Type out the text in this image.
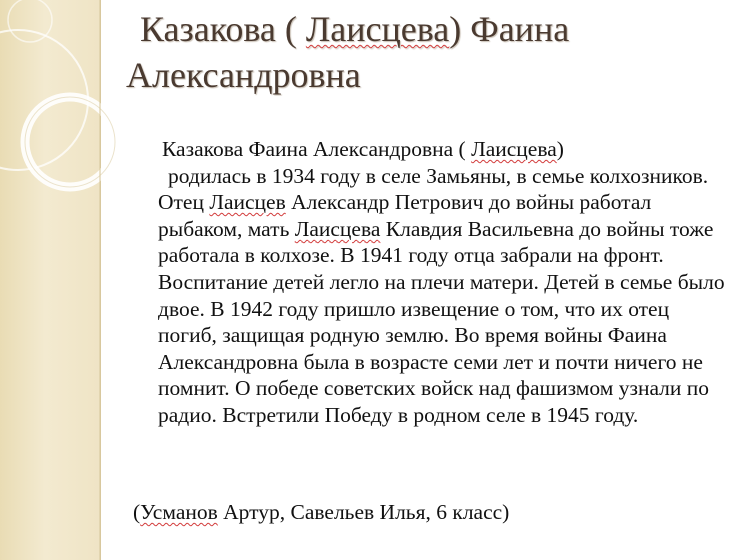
Казакова ( Лаисцева) Фаина
Александровна
Казакова Фаина Александровна ( Лаисцева)
родилась в 1934 году в селе Замьяны, в семье колхозников. Отец Лаисцев Александр Петрович до войны работал рыбаком, мать Лаисцева Клавдия Васильевна до войны тоже работала в колхозе. В 1941 году отца забрали на фронт. Воспитание детей легло на плечи матери. Детей в семье было двое. В 1942 году пришло извещение о том, что их отец погиб, защищая родную землю. Во время войны Фаина Александровна была в возрасте семи лет и почти ничего не помнит. О победе советских войск над фашизмом узнали по радио. Встретили Победу в родном селе в 1945 году.
(Усманов Артур, Савельев Илья, 6 класс)
